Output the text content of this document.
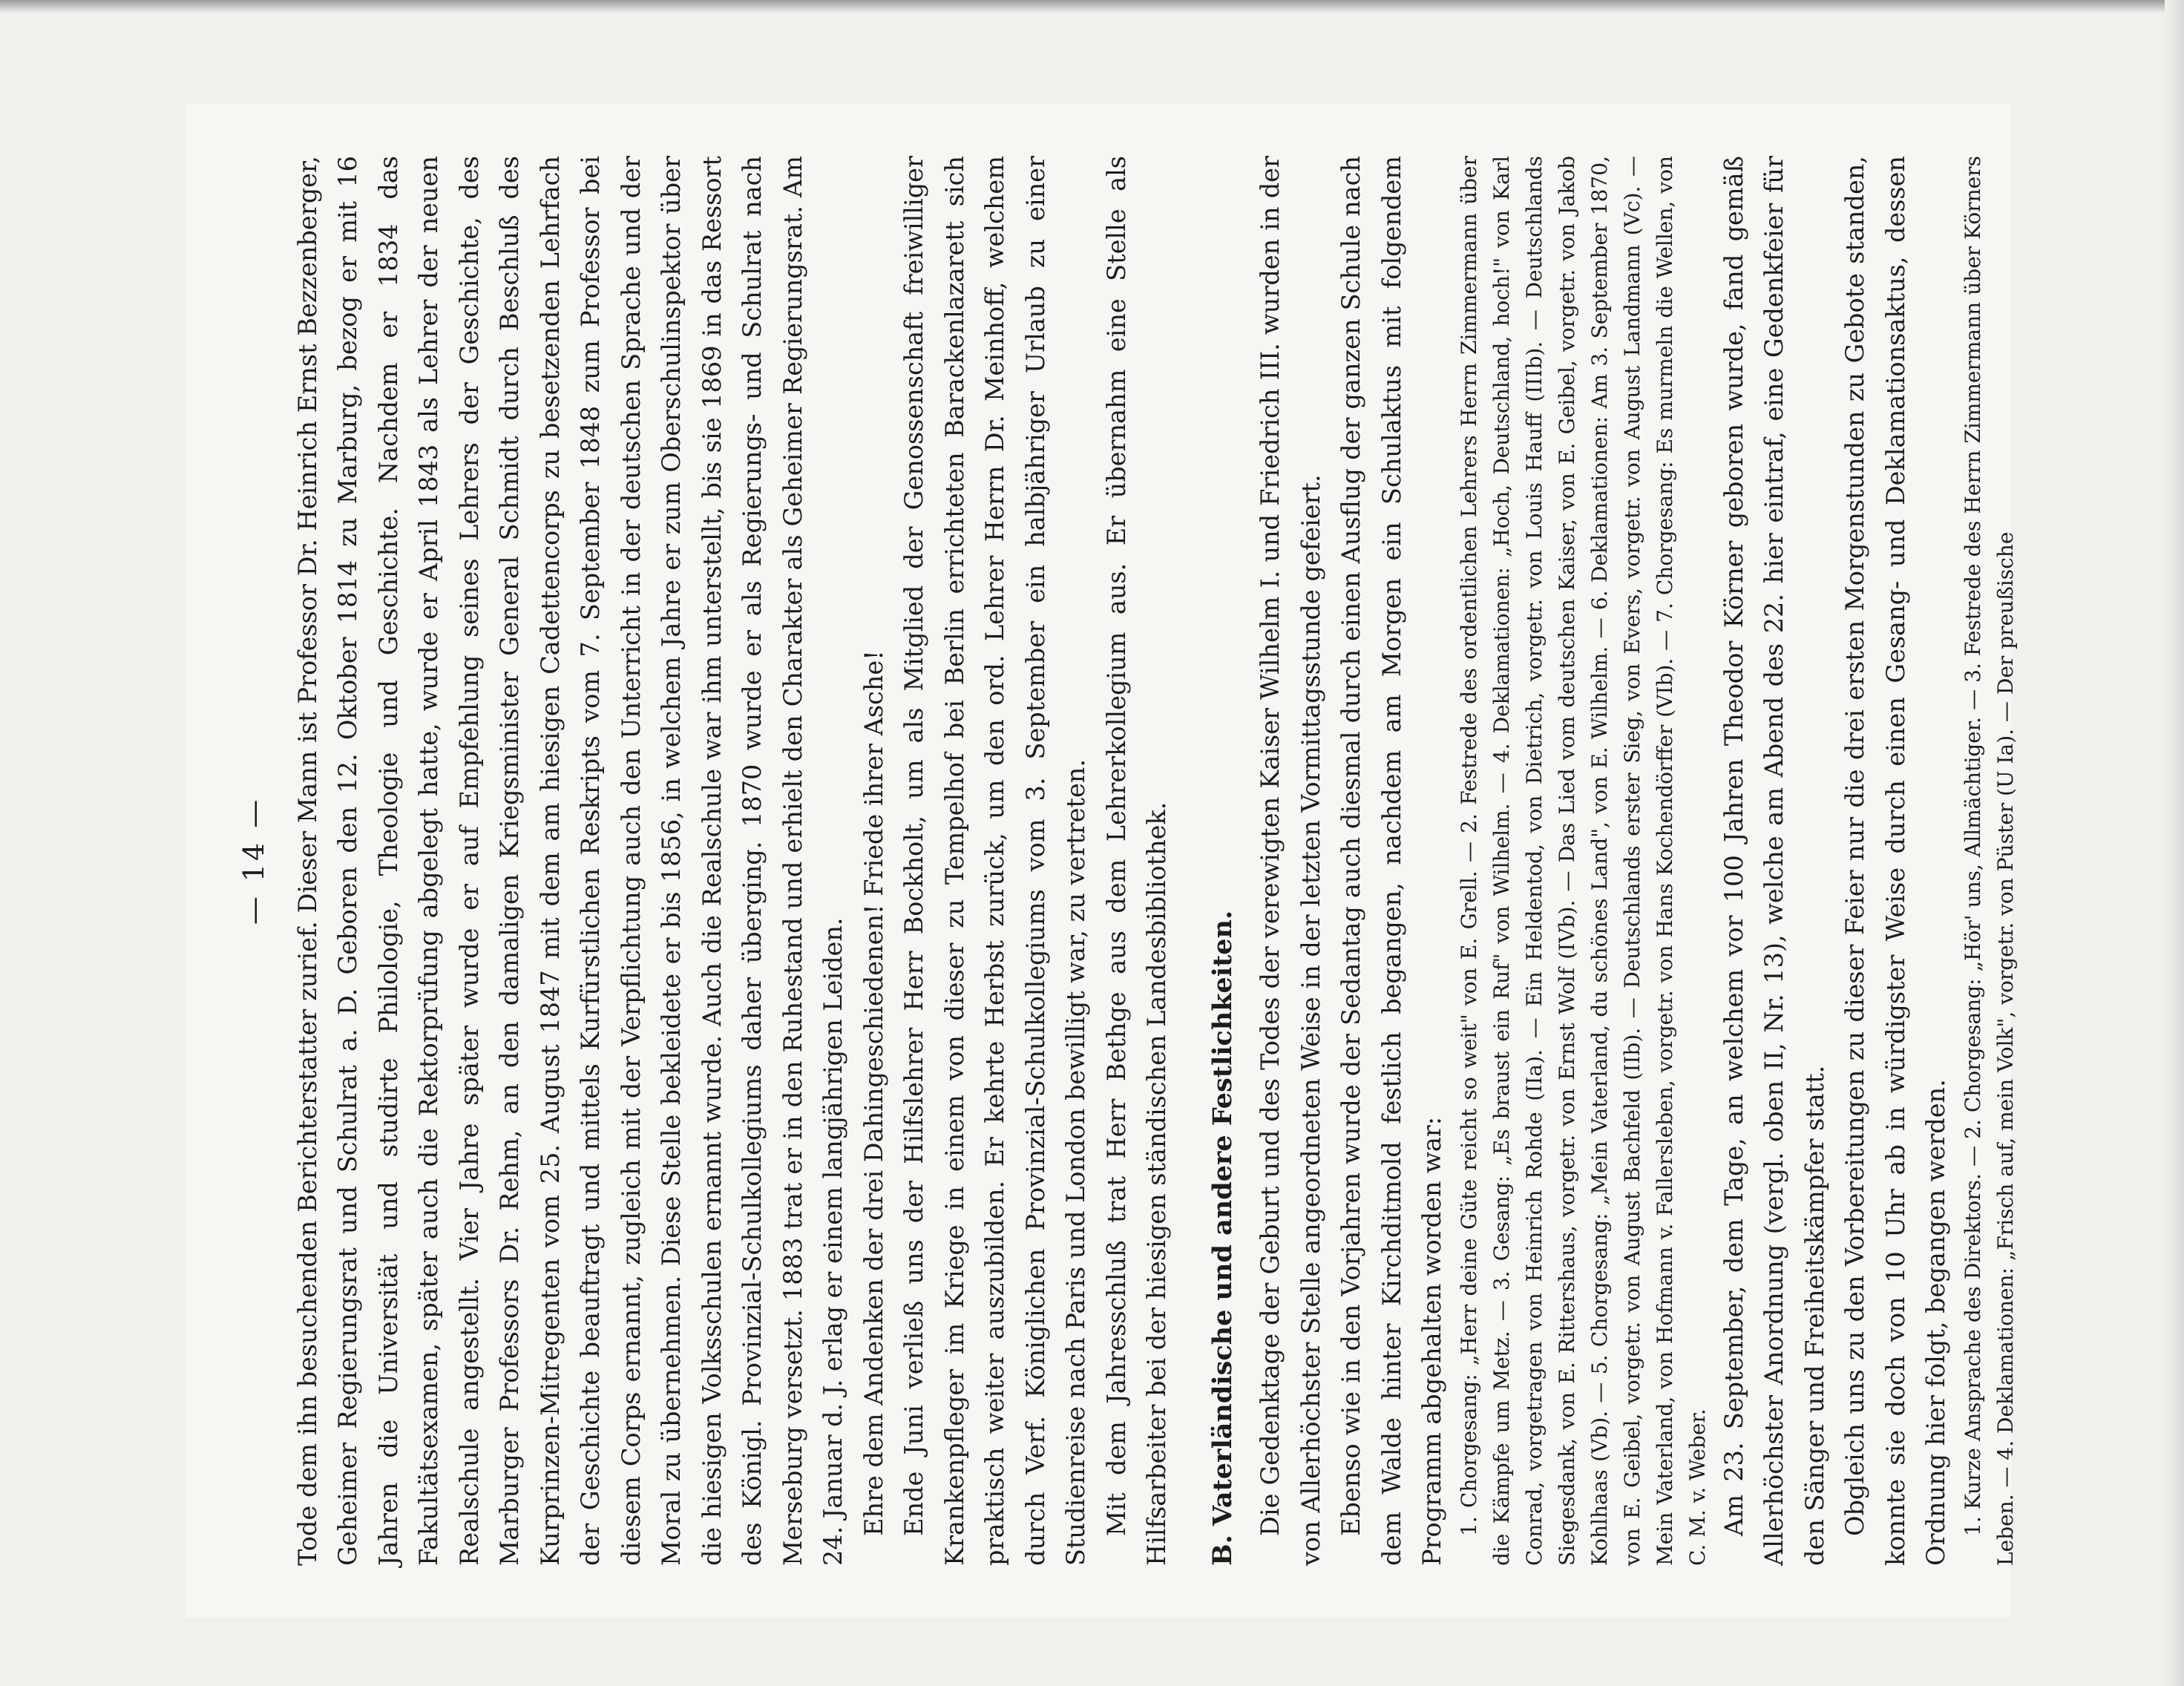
— 14 — Tode dem ihn besuchenden Berichterstatter zurief. Dieser Mann ist Professor Dr. Heinrich Ernst Bezzenberger, Geheimer Regierungsrat und Schulrat a. D. Geboren den 12. Oktober 1814 zu Marburg, bezog er mit 16 Jahren die Universität und studirte Philologie, Theologie und Geschichte. Nachdem er 1834 das Fakultätsexamen, später auch die Rektorprüfung abgelegt hatte, wurde er April 1843 als Lehrer der neuen Realschule angestellt. Vier Jahre später wurde er auf Empfehlung seines Lehrers der Geschichte, des Marburger Professors Dr. Rehm, an den damaligen Kriegsminister General Schmidt durch Beschluß des Kurprinzen-Mitregenten vom 25. August 1847 mit dem am hiesigen Cadettencorps zu besetzenden Lehrfach der Geschichte beauftragt und mittels Kurfürstlichen Reskripts vom 7. September 1848 zum Professor bei diesem Corps ernannt, zugleich mit der Verpflichtung auch den Unterricht in der deutschen Sprache und der Moral zu übernehmen. Diese Stelle bekleidete er bis 1856, in welchem Jahre er zum Oberschulinspektor über die hiesigen Volksschulen ernannt wurde. Auch die Realschule war ihm unterstellt, bis sie 1869 in das Ressort des Königl. Provinzial-Schulkollegiums daher überging. 1870 wurde er als Regierungs- und Schulrat nach Merseburg versetzt. 1883 trat er in den Ruhestand und erhielt den Charakter als Geheimer Regierungsrat. Am 24. Januar d. J. erlag er einem langjährigen Leiden. Ehre dem Andenken der drei Dahingeschiedenen! Friede ihrer Asche! Ende Juni verließ uns der Hilfslehrer Herr Bockholt, um als Mitglied der Genossenschaft freiwilliger Krankenpfleger im Kriege in einem von dieser zu Tempelhof bei Berlin errichteten Barackenlazarett sich praktisch weiter auszubilden. Er kehrte Herbst zurück, um den ord. Lehrer Herrn Dr. Meinhoff, welchem durch Verf. Königlichen Provinzial-Schulkollegiums vom 3. September ein halbjähriger Urlaub zu einer Studienreise nach Paris und London bewilligt war, zu vertreten. Mit dem Jahresschluß trat Herr Bethge aus dem Lehrerkollegium aus. Er übernahm eine Stelle als Hilfsarbeiter bei der hiesigen ständischen Landesbibliothek. B. Vaterländische und andere Festlichkeiten. Die Gedenktage der Geburt und des Todes der verewigten Kaiser Wilhelm I. und Friedrich III. wurden in der von Allerhöchster Stelle angeordneten Weise in der letzten Vormittagsstunde gefeiert. Ebenso wie in den Vorjahren wurde der Sedantag auch diesmal durch einen Ausflug der ganzen Schule nach dem Walde hinter Kirchditmold festlich begangen, nachdem am Morgen ein Schulaktus mit folgendem Programm abgehalten worden war: 1. Chorgesang: „Herr deine Güte reicht so weit" von E. Grell. — 2. Festrede des ordentlichen Lehrers Herrn Zimmermann über die Kämpfe um Metz. — 3. Gesang: „Es braust ein Ruf" von Wilhelm. — 4. Deklamationen: „Hoch, Deutschland, hoch!" von Karl Conrad, vorgetragen von Heinrich Rohde (IIa). — Ein Heldentod, von Dietrich, vorgetr. von Louis Hauff (IIIb). — Deutschlands Siegesdank, von E. Rittershaus, vorgetr. von Ernst Wolf (IVb). — Das Lied vom deutschen Kaiser, von E. Geibel, vorgetr. von Jakob Kohlhaas (Vb). — 5. Chorgesang: „Mein Vaterland, du schönes Land", von E. Wilhelm. — 6. Deklamationen: Am 3. September 1870, von E. Geibel, vorgetr. von August Bachfeld (IIb). — Deutschlands erster Sieg, von Evers, vorgetr. von August Landmann (Vc). — Mein Vaterland, von Hofmann v. Fallersleben, vorgetr. von Hans Kochendörffer (VIb). — 7. Chorgesang: Es murmeln die Wellen, von C. M. v. Weber. Am 23. September, dem Tage, an welchem vor 100 Jahren Theodor Körner geboren wurde, fand gemäß Allerhöchster Anordnung (vergl. oben II, Nr. 13), welche am Abend des 22. hier eintraf, eine Gedenkfeier für den Sänger und Freiheitskämpfer statt. Obgleich uns zu den Vorbereitungen zu dieser Feier nur die drei ersten Morgenstunden zu Gebote standen, konnte sie doch von 10 Uhr ab in würdigster Weise durch einen Gesang- und Deklamationsaktus, dessen Ordnung hier folgt, begangen werden. 1. Kurze Ansprache des Direktors. — 2. Chorgesang: „Hör' uns, Allmächtiger. — 3. Festrede des Herrn Zimmermann über Körners Leben. — 4. Deklamationen: „Frisch auf, mein Volk", vorgetr. von Püster (U Ia). — Der preußische
